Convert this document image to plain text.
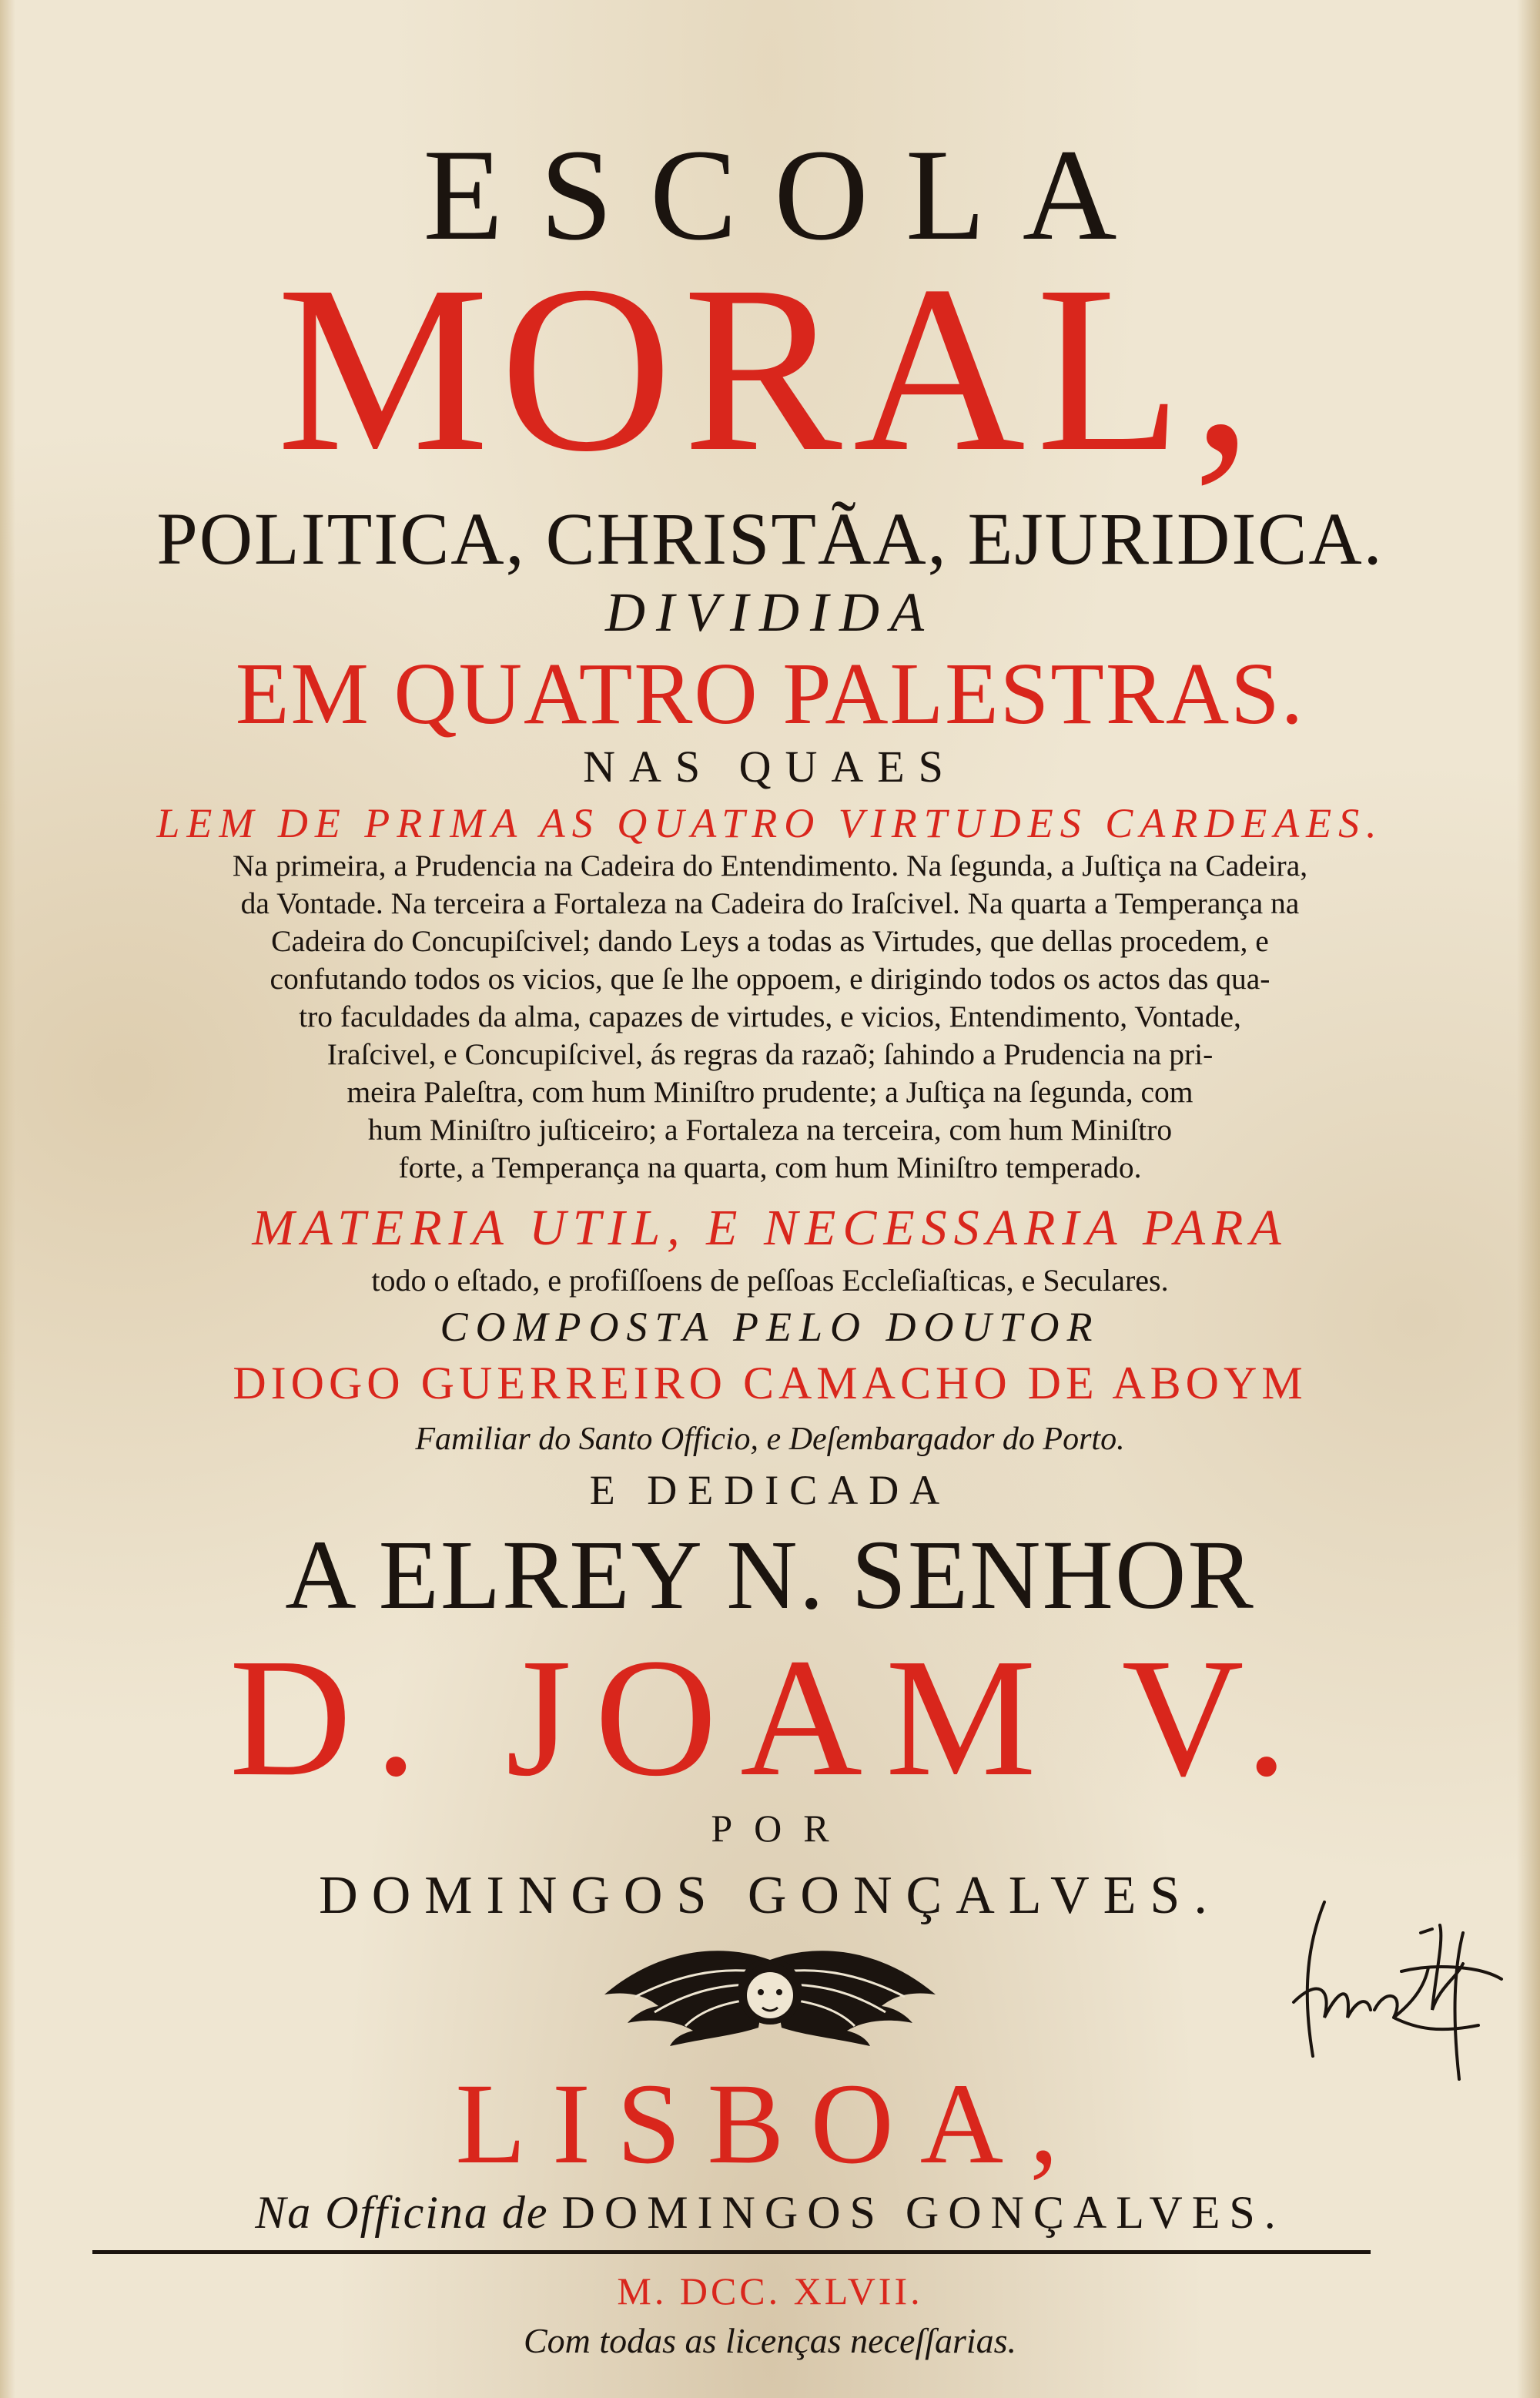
ESCOLA
MORAL,
POLITICA, CHRISTÃA, EJURIDICA.
DIVIDIDA
EM QUATRO PALESTRAS.
NAS QUAES
LEM DE PRIMA AS QUATRO VIRTUDES CARDEAES.
Na primeira, a Prudencia na Cadeira do Entendimento. Na ſegunda, a Juſtiça na Cadeira,
da Vontade. Na terceira a Fortaleza na Cadeira do Iraſcivel. Na quarta a Temperança na
Cadeira do Concupiſcivel; dando Leys a todas as Virtudes, que dellas procedem, e
confutando todos os vicios, que ſe lhe oppoem, e dirigindo todos os actos das qua-
tro faculdades da alma, capazes de virtudes, e vicios, Entendimento, Vontade,
Iraſcivel, e Concupiſcivel, ás regras da razaõ; ſahindo a Prudencia na pri-
meira Paleſtra, com hum Miniſtro prudente; a Juſtiça na ſegunda, com
hum Miniſtro juſticeiro; a Fortaleza na terceira, com hum Miniſtro
forte, a Temperança na quarta, com hum Miniſtro temperado.
MATERIA UTIL, E NECESSARIA PARA
todo o eſtado, e profiſſoens de peſſoas Eccleſiaſticas, e Seculares.
COMPOSTA PELO DOUTOR
DIOGO GUERREIRO CAMACHO DE ABOYM
Familiar do Santo Officio, e Deſembargador do Porto.
E DEDICADA
A ELREY N. SENHOR
D. JOAM V.
POR
DOMINGOS GONÇALVES.
LISBOA,
Na Officina de DOMINGOS GONÇALVES.
M. DCC. XLVII.
Com todas as licenças neceſſarias.
